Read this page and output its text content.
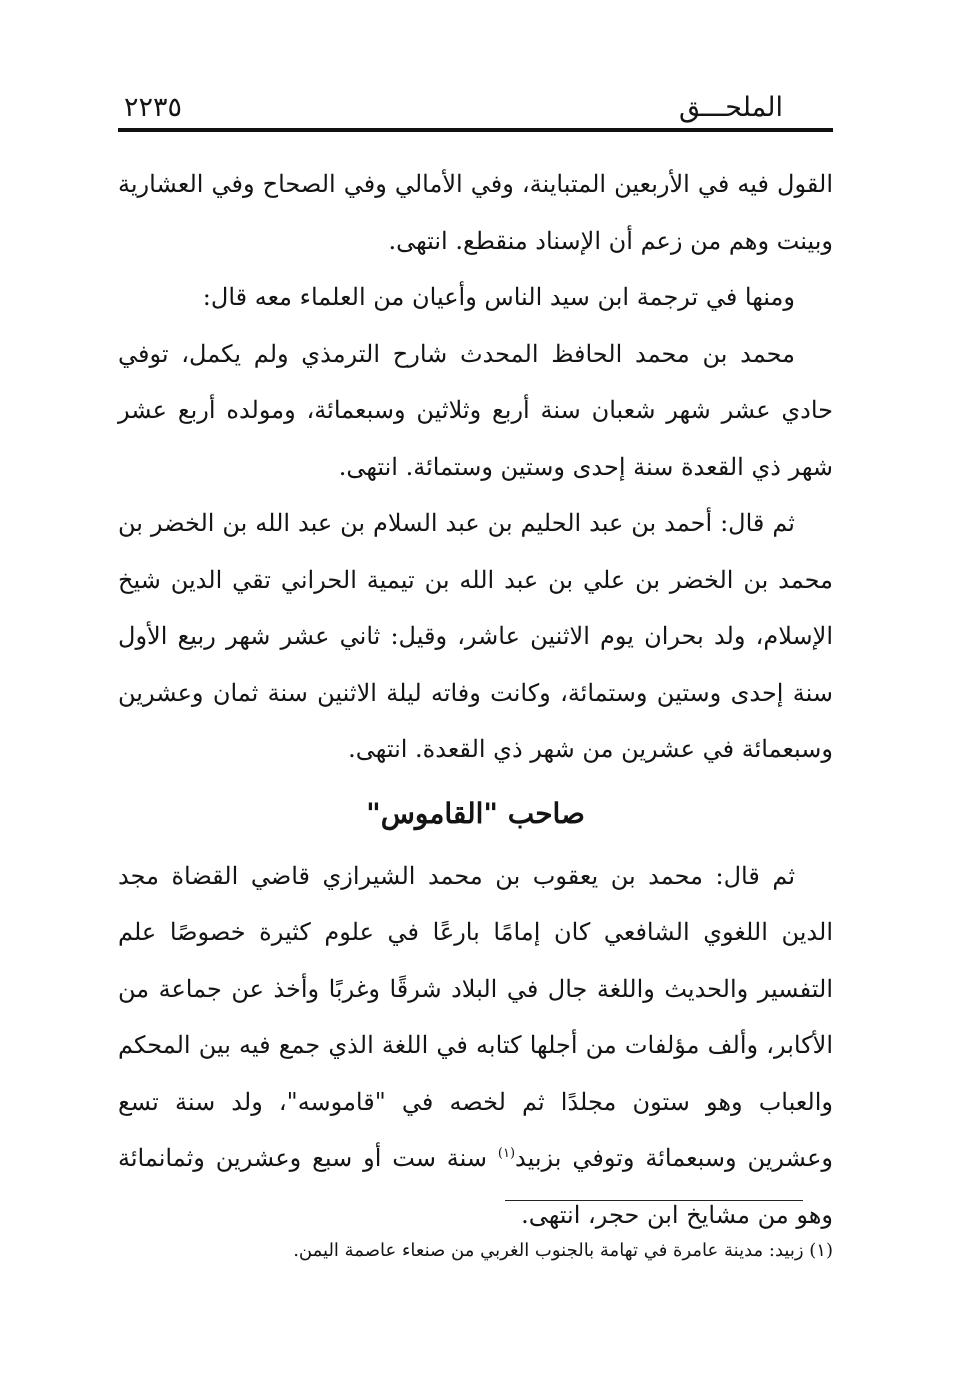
الملحـــق
٢٢٣٥

القول فيه في الأربعين المتباينة، وفي الأمالي وفي الصحاح وفي العشارية وبينت وهم من زعم أن الإسناد منقطع. انتهى.

ومنها في ترجمة ابن سيد الناس وأعيان من العلماء معه قال:

محمد بن محمد الحافظ المحدث شارح الترمذي ولم يكمل، توفي حادي عشر شهر شعبان سنة أربع وثلاثين وسبعمائة، ومولده أربع عشر شهر ذي القعدة سنة إحدى وستين وستمائة. انتهى.

ثم قال: أحمد بن عبد الحليم بن عبد السلام بن عبد الله بن الخضر بن محمد بن الخضر بن علي بن عبد الله بن تيمية الحراني تقي الدين شيخ الإسلام، ولد بحران يوم الاثنين عاشر، وقيل: ثاني عشر شهر ربيع الأول سنة إحدى وستين وستمائة، وكانت وفاته ليلة الاثنين سنة ثمان وعشرين وسبعمائة في عشرين من شهر ذي القعدة. انتهى.

صاحب "القاموس"

ثم قال: محمد بن يعقوب بن محمد الشيرازي قاضي القضاة مجد الدين اللغوي الشافعي كان إمامًا بارعًا في علوم كثيرة خصوصًا علم التفسير والحديث واللغة جال في البلاد شرقًا وغربًا وأخذ عن جماعة من الأكابر، وألف مؤلفات من أجلها كتابه في اللغة الذي جمع فيه بين المحكم والعباب وهو ستون مجلدًا ثم لخصه في "قاموسه"، ولد سنة تسع وعشرين وسبعمائة وتوفي بزبيد$^{(١)}$ سنة ست أو سبع وعشرين وثمانمائة وهو من مشايخ ابن حجر، انتهى.

(١) زبيد: مدينة عامرة في تهامة بالجنوب الغربي من صنعاء عاصمة اليمن.
